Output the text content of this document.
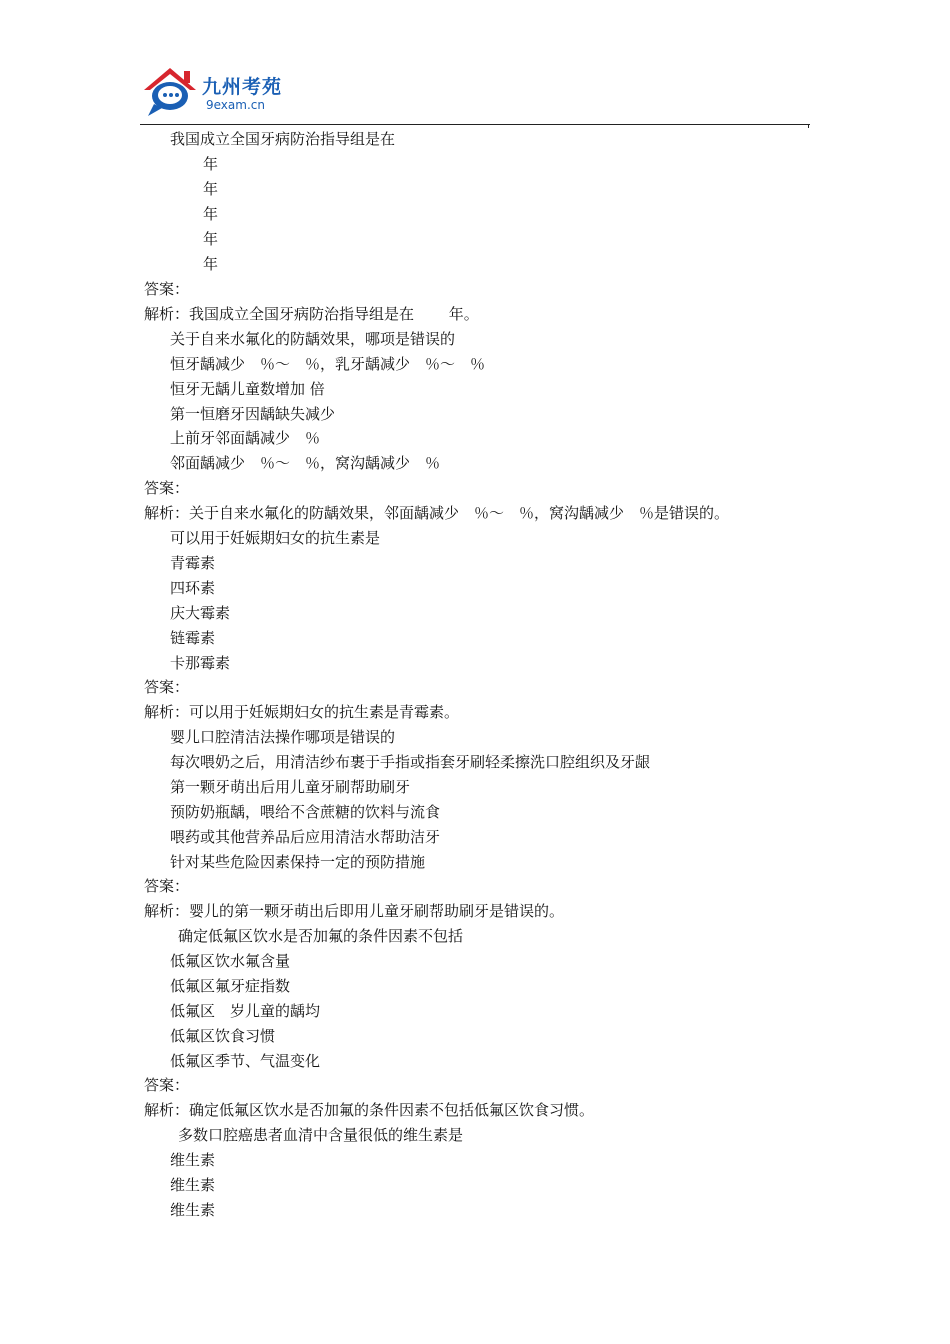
九州考苑
9exam.cn
我国成立全国牙病防治指导组是在
年
年
年
年
年
答案：
解析：我国成立全国牙病防治指导组是在 　　年。
关于自来水氟化的防龋效果，哪项是错误的
恒牙龋减少　％～　％，乳牙龋减少　％～　％
恒牙无龋儿童数增加 倍
第一恒磨牙因龋缺失减少
上前牙邻面龋减少　％
邻面龋减少　％～　％，窝沟龋减少　％
答案：
解析：关于自来水氟化的防龋效果，邻面龋减少　％～　％，窝沟龋减少　％是错误的。
可以用于妊娠期妇女的抗生素是
青霉素
四环素
庆大霉素
链霉素
卡那霉素
答案：
解析：可以用于妊娠期妇女的抗生素是青霉素。
婴儿口腔清洁法操作哪项是错误的
每次喂奶之后，用清洁纱布裹于手指或指套牙刷轻柔擦洗口腔组织及牙龈
第一颗牙萌出后用儿童牙刷帮助刷牙
预防奶瓶龋，喂给不含蔗糖的饮料与流食
喂药或其他营养品后应用清洁水帮助洁牙
针对某些危险因素保持一定的预防措施
答案：
解析：婴儿的第一颗牙萌出后即用儿童牙刷帮助刷牙是错误的。
确定低氟区饮水是否加氟的条件因素不包括
低氟区饮水氟含量
低氟区氟牙症指数
低氟区　岁儿童的龋均
低氟区饮食习惯
低氟区季节、气温变化
答案：
解析：确定低氟区饮水是否加氟的条件因素不包括低氟区饮食习惯。
多数口腔癌患者血清中含量很低的维生素是
维生素
维生素
维生素
